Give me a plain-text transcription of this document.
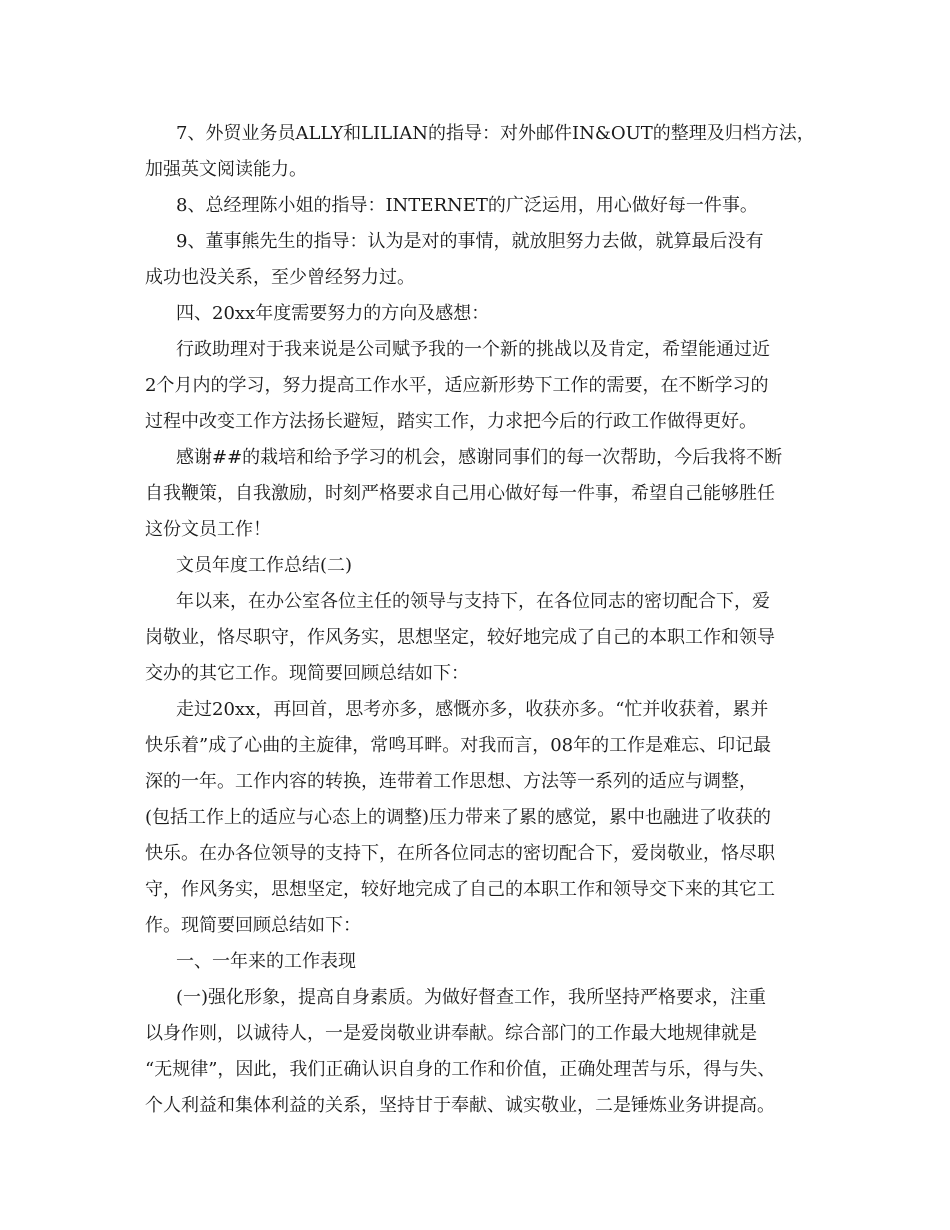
7、外贸业务员ALLY和LILIAN的指导：对外邮件IN&OUT的整理及归档方法，

加强英文阅读能力。

8、总经理陈小姐的指导：INTERNET的广泛运用，用心做好每一件事。

9、董事熊先生的指导：认为是对的事情，就放胆努力去做，就算最后没有

成功也没关系，至少曾经努力过。

四、20xx年度需要努力的方向及感想：

行政助理对于我来说是公司赋予我的一个新的挑战以及肯定，希望能通过近

2个月内的学习，努力提高工作水平，适应新形势下工作的需要，在不断学习的

过程中改变工作方法扬长避短，踏实工作，力求把今后的行政工作做得更好。

感谢##的栽培和给予学习的机会，感谢同事们的每一次帮助，今后我将不断

自我鞭策，自我激励，时刻严格要求自己用心做好每一件事，希望自己能够胜任

这份文员工作！

文员年度工作总结(二)

年以来，在办公室各位主任的领导与支持下，在各位同志的密切配合下，爱

岗敬业，恪尽职守，作风务实，思想坚定，较好地完成了自己的本职工作和领导

交办的其它工作。现简要回顾总结如下：

走过20xx，再回首，思考亦多，感慨亦多，收获亦多。“忙并收获着，累并

快乐着”成了心曲的主旋律，常鸣耳畔。对我而言，08年的工作是难忘、印记最

深的一年。工作内容的转换，连带着工作思想、方法等一系列的适应与调整，

(包括工作上的适应与心态上的调整)压力带来了累的感觉，累中也融进了收获的

快乐。在办各位领导的支持下，在所各位同志的密切配合下，爱岗敬业，恪尽职

守，作风务实，思想坚定，较好地完成了自己的本职工作和领导交下来的其它工

作。现简要回顾总结如下：

一、一年来的工作表现

(一)强化形象，提高自身素质。为做好督查工作，我所坚持严格要求，注重

以身作则，以诚待人，一是爱岗敬业讲奉献。综合部门的工作最大地规律就是

“无规律”，因此，我们正确认识自身的工作和价值，正确处理苦与乐，得与失、

个人利益和集体利益的关系，坚持甘于奉献、诚实敬业，二是锤炼业务讲提高。
